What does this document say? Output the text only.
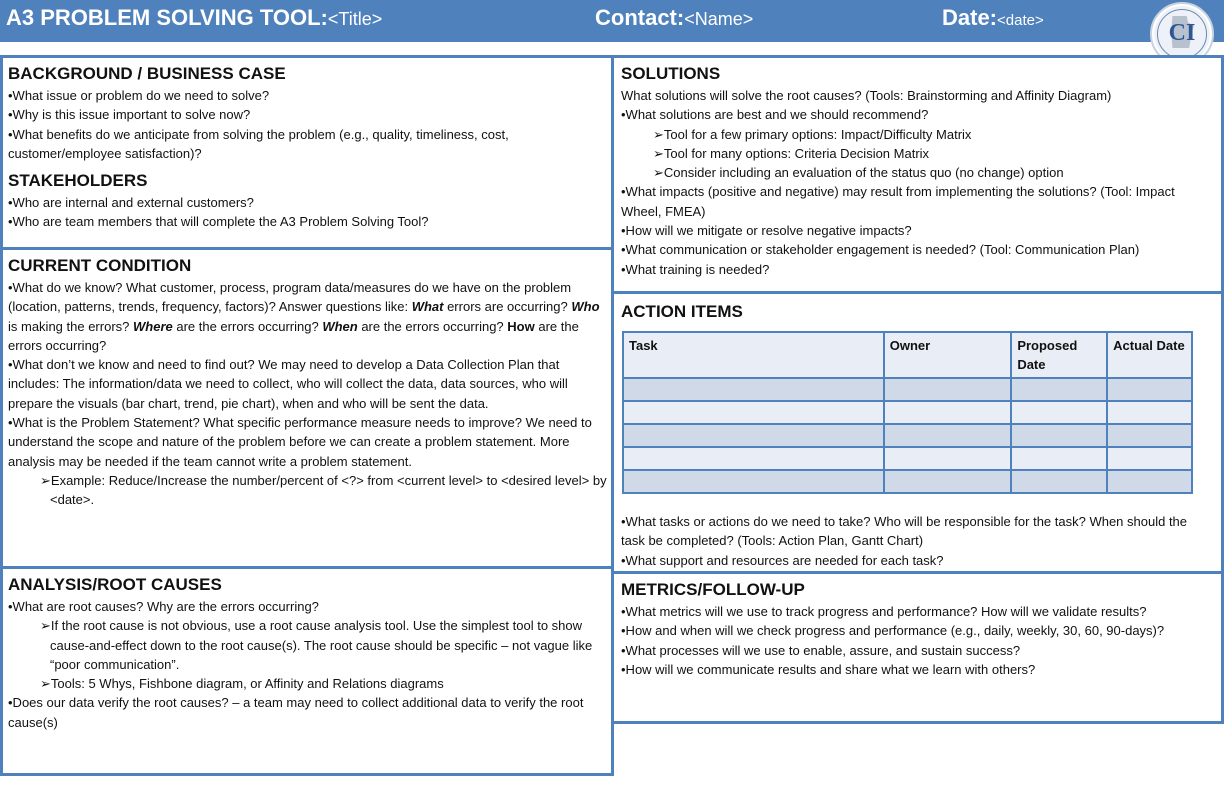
A3 PROBLEM SOLVING TOOL:<Title>	Contact:<Name>	Date:<date>	CI
BACKGROUND / BUSINESS CASE

•What issue or problem do we need to solve?

•Why is this issue important to solve now?

•What benefits do we anticipate from solving the problem (e.g., quality, timeliness, cost, customer/employee satisfaction)?

STAKEHOLDERS

•Who are internal and external customers?

•Who are team members that will complete the A3 Problem Solving Tool?

CURRENT CONDITION

•What do we know? What customer, process, program data/measures do we have on the problem (location, patterns, trends, frequency, factors)? Answer questions like: What errors are occurring? Who is making the errors? Where are the errors occurring? When are the errors occurring? How are the errors occurring?

•What don’t we know and need to find out? We may need to develop a Data Collection Plan that includes: The information/data we need to collect, who will collect the data, data sources, who will prepare the visuals (bar chart, trend, pie chart), when and who will be sent the data.

•What is the Problem Statement? What specific performance measure needs to improve? We need to understand the scope and nature of the problem before we can create a problem statement. More analysis may be needed if the team cannot write a problem statement.

➢Example: Reduce/Increase the number/percent of <?> from <current level> to <desired level> by <date>.

ANALYSIS/ROOT CAUSES

•What are root causes? Why are the errors occurring?

➢If the root cause is not obvious, use a root cause analysis tool. Use the simplest tool to show cause-and-effect down to the root cause(s). The root cause should be specific – not vague like “poor communication”.

➢Tools: 5 Whys, Fishbone diagram, or Affinity and Relations diagrams

•Does our data verify the root causes? – a team may need to collect additional data to verify the root cause(s)

SOLUTIONS

What solutions will solve the root causes? (Tools: Brainstorming and Affinity Diagram)

•What solutions are best and we should recommend?

➢Tool for a few primary options: Impact/Difficulty Matrix

➢Tool for many options: Criteria Decision Matrix

➢Consider including an evaluation of the status quo (no change) option

•What impacts (positive and negative) may result from implementing the solutions? (Tool: Impact Wheel, FMEA)

•How will we mitigate or resolve negative impacts?

•What communication or stakeholder engagement is needed? (Tool: Communication Plan)

•What training is needed?

ACTION ITEMS
Task	Owner	Proposed Date	Actual Date

•What tasks or actions do we need to take? Who will be responsible for the task? When should the task be completed? (Tools: Action Plan, Gantt Chart)

•What support and resources are needed for each task?

METRICS/FOLLOW-UP

•What metrics will we use to track progress and performance? How will we validate results?

•How and when will we check progress and performance (e.g., daily, weekly, 30, 60, 90-days)?

•What processes will we use to enable, assure, and sustain success?

•How will we communicate results and share what we learn with others?
